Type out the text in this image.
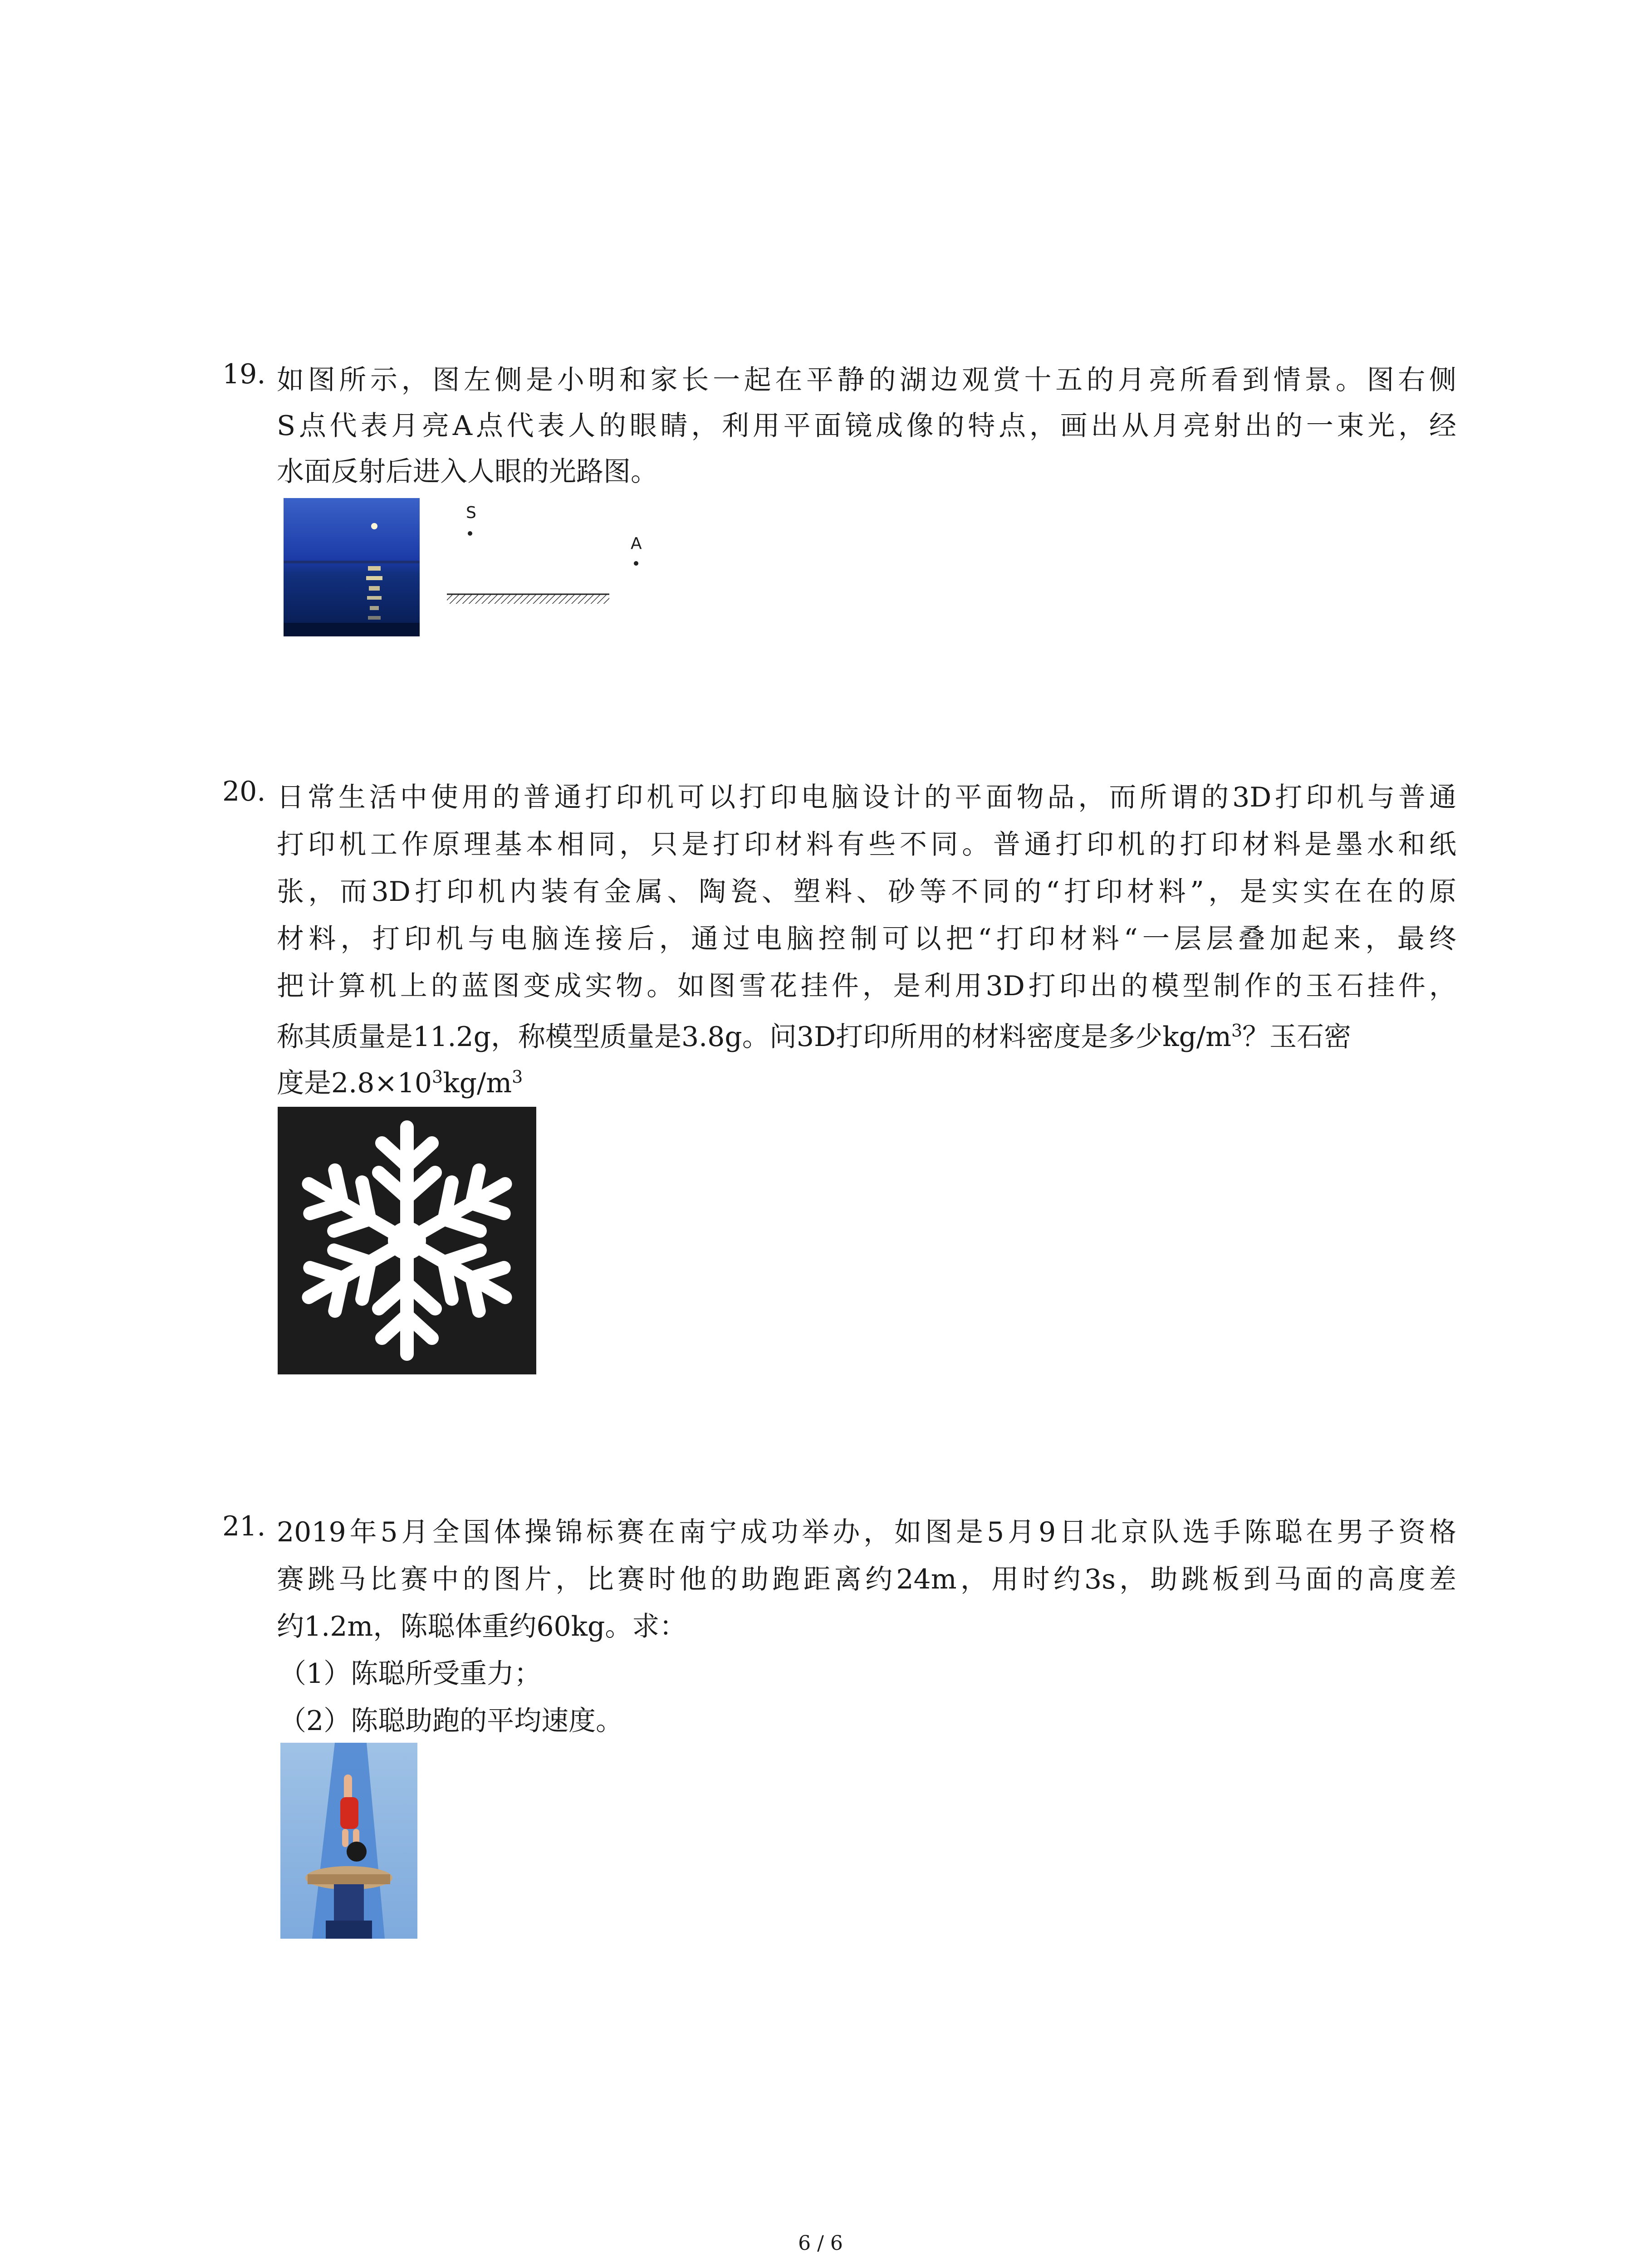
19. 如图所示，图左侧是小明和家长一起在平静的湖边观赏十五的月亮所看到情景。图右侧
S点代表月亮A点代表人的眼睛，利用平面镜成像的特点，画出从月亮射出的一束光，经
水面反射后进入人眼的光路图。
S
A
20. 日常生活中使用的普通打印机可以打印电脑设计的平面物品，而所谓的3D打印机与普通
打印机工作原理基本相同，只是打印材料有些不同。普通打印机的打印材料是墨水和纸
张，而3D打印机内装有金属、陶瓷、塑料、砂等不同的“打印材料”，是实实在在的原
材料，打印机与电脑连接后，通过电脑控制可以把“打印材料“一层层叠加起来，最终
把计算机上的蓝图变成实物。如图雪花挂件，是利用3D打印出的模型制作的玉石挂件，
称其质量是11.2g，称模型质量是3.8g。问3D打印所用的材料密度是多少$kg/m^3$？玉石密
度是$2.8\times 10^3kg/m^3$
21. 2019年5月全国体操锦标赛在南宁成功举办，如图是5月9日北京队选手陈聪在男子资格
赛跳马比赛中的图片，比赛时他的助跑距离约24m，用时约3s，助跳板到马面的高度差
约1.2m，陈聪体重约60kg。求：
（1）陈聪所受重力；
（2）陈聪助跑的平均速度。
6 / 6
